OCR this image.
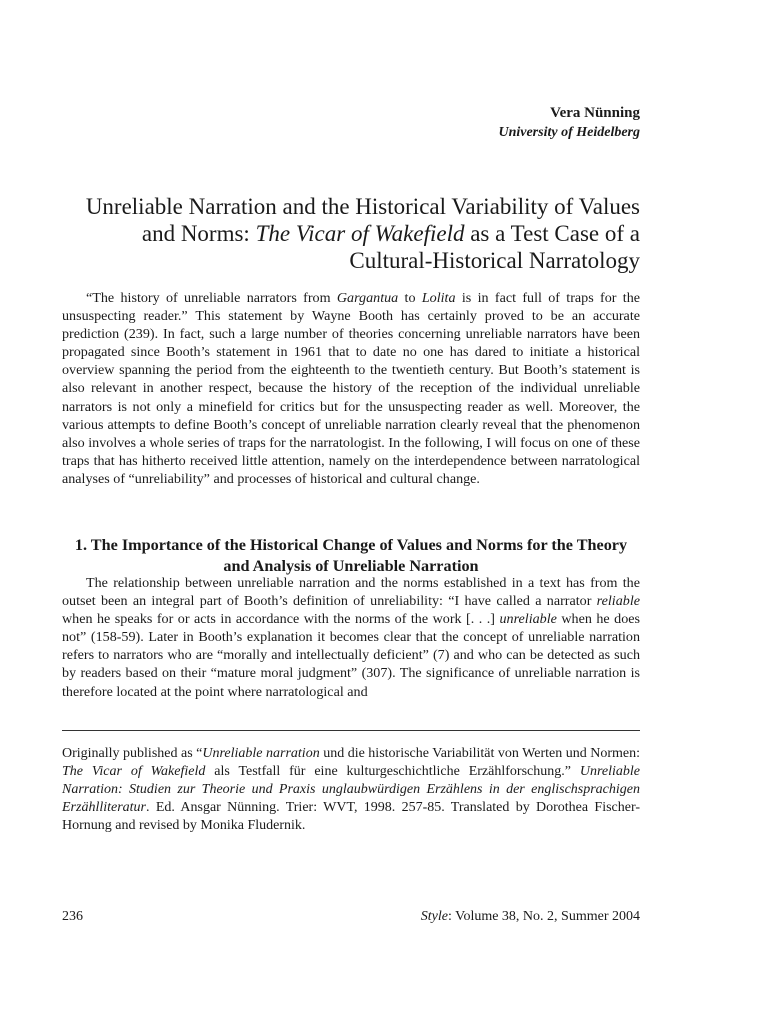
Vera Nünning
University of Heidelberg
Unreliable Narration and the Historical Variability of Values and Norms: The Vicar of Wakefield as a Test Case of a Cultural-Historical Narratology

“The history of unreliable narrators from Gargantua to Lolita is in fact full of traps for the unsuspecting reader.” This statement by Wayne Booth has certainly proved to be an accurate prediction (239). In fact, such a large number of theories concerning unreliable narrators have been propagated since Booth’s statement in 1961 that to date no one has dared to initiate a historical overview spanning the period from the eighteenth to the twentieth century. But Booth’s statement is also relevant in another respect, because the history of the reception of the individual unreliable narrators is not only a minefield for critics but for the unsuspecting reader as well. Moreover, the various attempts to define Booth’s concept of unreliable narration clearly reveal that the phenomenon also involves a whole series of traps for the narratologist. In the following, I will focus on one of these traps that has hitherto received little attention, namely on the interdependence between narratological analyses of “unreliability” and processes of historical and cultural change.

1. The Importance of the Historical Change of Values and Norms for the Theory and Analysis of Unreliable Narration

The relationship between unreliable narration and the norms established in a text has from the outset been an integral part of Booth’s definition of unreliability: “I have called a narrator reliable when he speaks for or acts in accordance with the norms of the work [. . .] unreliable when he does not” (158-59). Later in Booth’s explanation it becomes clear that the concept of unreliable narration refers to narrators who are “morally and intellectually deficient” (7) and who can be detected as such by readers based on their “mature moral judgment” (307). The significance of unreliable narration is therefore located at the point where narratological and

Originally published as “Unreliable narration und die historische Variabilität von Werten und Normen: The Vicar of Wakefield als Testfall für eine kulturgeschichtliche Erzählforschung.” Unreliable Narration: Studien zur Theorie und Praxis unglaubwürdigen Erzählens in der englischsprachigen Erzählliteratur. Ed. Ansgar Nünning. Trier: WVT, 1998. 257-85. Translated by Dorothea Fischer-Hornung and revised by Monika Fludernik.

236	Style: Volume 38, No. 2, Summer 2004
